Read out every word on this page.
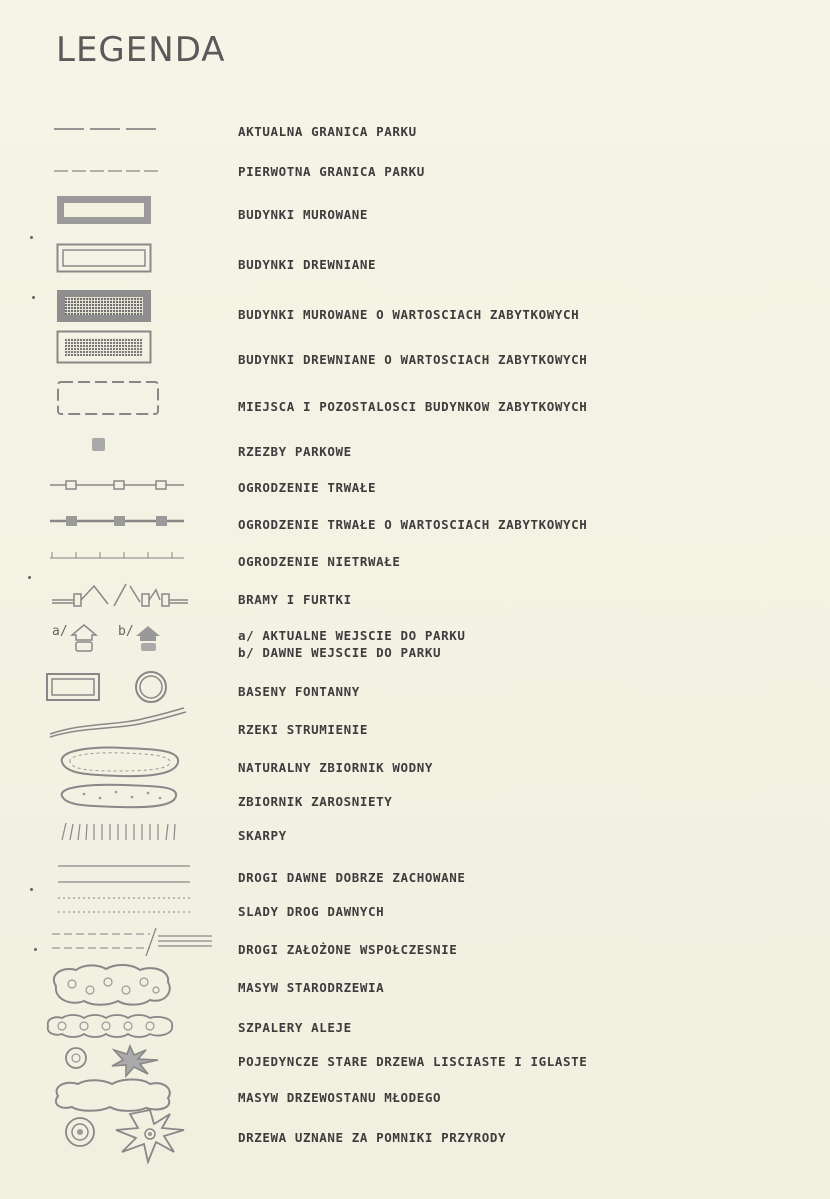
LEGENDA
AKTUALNA GRANICA PARKU
PIERWOTNA GRANICA PARKU
BUDYNKI MUROWANE
BUDYNKI DREWNIANE
BUDYNKI MUROWANE O WARTOSCIACH ZABYTKOWYCH
BUDYNKI DREWNIANE O WARTOSCIACH ZABYTKOWYCH
MIEJSCA I POZOSTALOSCI BUDYNKOW ZABYTKOWYCH
RZEZBY PARKOWE
OGRODZENIE TRWAŁE
OGRODZENIE TRWAŁE O WARTOSCIACH ZABYTKOWYCH
OGRODZENIE NIETRWAŁE
BRAMY I FURTKI
a/	b/	a/ AKTUALNE WEJSCIE DO PARKU
b/ DAWNE WEJSCIE DO PARKU
BASENY FONTANNY
RZEKI STRUMIENIE
NATURALNY ZBIORNIK WODNY
ZBIORNIK ZAROSNIETY
SKARPY
DROGI DAWNE DOBRZE ZACHOWANE
SLADY DROG DAWNYCH
DROGI ZAŁOŻONE WSPOŁCZESNIE
MASYW STARODRZEWIA
SZPALERY ALEJE
POJEDYNCZE STARE DRZEWA LISCIASTE I IGLASTE
MASYW DRZEWOSTANU MŁODEGO
DRZEWA UZNANE ZA POMNIKI PRZYRODY
